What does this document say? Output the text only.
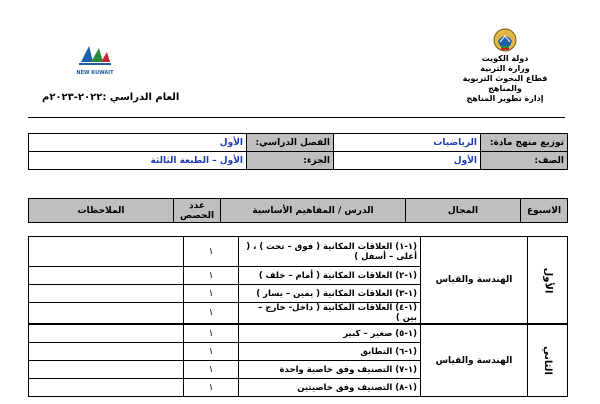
دولة الكويت
وزارة التربية
قطاع البحوث التربوية والمناهج
إدارة تطوير المناهج
NEW KUWAIT
العام الدراسي :٢٠٢٢-٢٠٢٣م
توزيع منهج مادة:	الرياضيات	الفصل الدراسي:	الأول
الصف:	الأول	الجزء:	الأول – الطبعة الثالثة
الاسبوع	المجال	الدرس / المفاهيم الأساسية	عدد الحصص	الملاحظات
الأول	الهندسة والقياس	(١-١) العلاقات المكانية ( فوق – تحت ) ، ( أعلى – أسفل )	١	
		(١-٢) العلاقات المكانية ( أمام – خلف )	١	
		(١-٣) العلاقات المكانية ( يمين – يسار )	١	
		(١-٤) العلاقات المكانية ( داخل- خارج – بين )	١	
الثاني	الهندسة والقياس	(١-٥) صغير – كبير	١	
		(١-٦) التطابق	١	
		(١-٧) التصنيف وفق خاصية واحدة	١	
		(١-٨) التصنيف وفق خاصيتين	١	
